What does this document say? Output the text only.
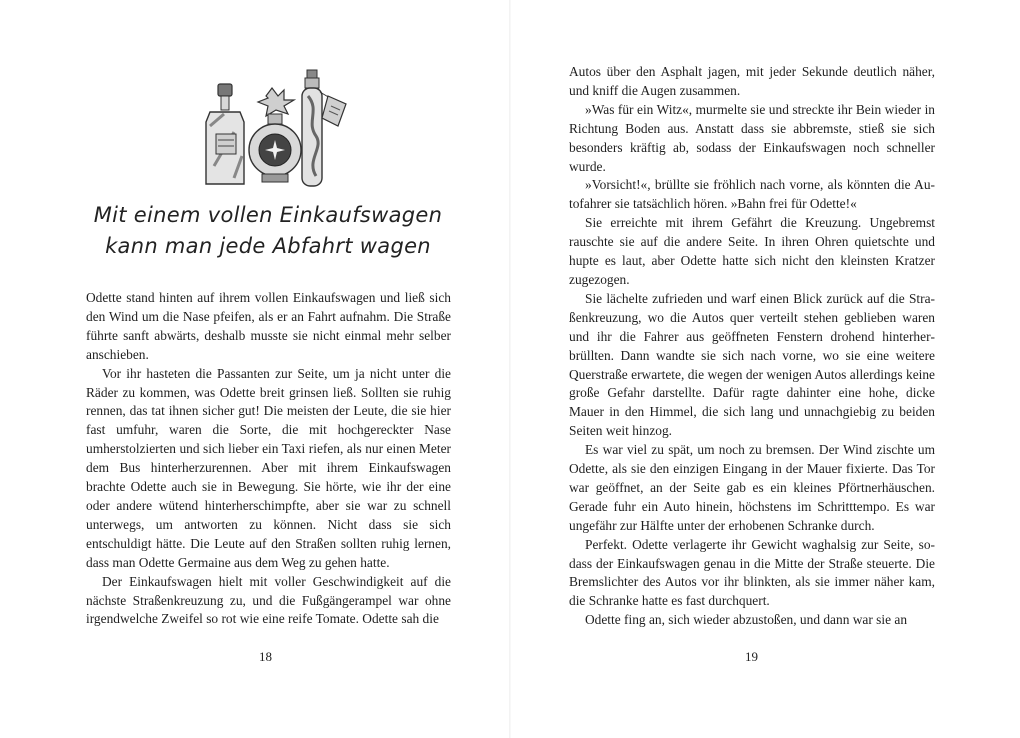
Mit einem vollen Einkaufswagen
kann man jede Abfahrt wagen

Odette stand hinten auf ihrem vollen Einkaufswagen und ließ sich den Wind um die Nase pfeifen, als er an Fahrt aufnahm. Die Straße führte sanft abwärts, deshalb musste sie nicht einmal mehr selber anschieben.

Vor ihr hasteten die Passanten zur Seite, um ja nicht unter die Räder zu kommen, was Odette breit grinsen ließ. Sollten sie ruhig rennen, das tat ihnen sicher gut! Die meisten der Leute, die sie hier fast umfuhr, waren die Sorte, die mit hochgereckter Nase umherstolzierten und sich lieber ein Taxi riefen, als nur einen Meter dem Bus hinterherzurennen. Aber mit ihrem Einkaufswagen brachte Odette auch sie in Bewegung. Sie hörte, wie ihr der eine oder andere wütend hinterherschimpfte, aber sie war zu schnell unterwegs, um antworten zu können. Nicht dass sie sich entschuldigt hätte. Die Leute auf den Straßen sollten ruhig lernen, dass man Odette Germaine aus dem Weg zu gehen hatte.

Der Einkaufswagen hielt mit voller Geschwindigkeit auf die nächste Straßenkreuzung zu, und die Fußgängerampel war ohne irgendwelche Zweifel so rot wie eine reife Tomate. Odette sah die

18

Autos über den Asphalt jagen, mit jeder Sekunde deutlich näher, und kniff die Augen zusammen.

»Was für ein Witz«, murmelte sie und streckte ihr Bein wieder in Richtung Boden aus. Anstatt dass sie abbremste, stieß sie sich besonders kräftig ab, sodass der Einkaufswagen noch schneller wurde.

»Vorsicht!«, brüllte sie fröhlich nach vorne, als könnten die Autofahrer sie tatsächlich hören. »Bahn frei für Odette!«

Sie erreichte mit ihrem Gefährt die Kreuzung. Ungebremst rauschte sie auf die andere Seite. In ihren Ohren quietschte und hupte es laut, aber Odette hatte sich nicht den kleinsten Kratzer zugezogen.

Sie lächelte zufrieden und warf einen Blick zurück auf die Straßenkreuzung, wo die Autos quer verteilt stehen geblieben waren und ihr die Fahrer aus geöffneten Fenstern drohend hinterherbrüllten. Dann wandte sie sich nach vorne, wo sie eine weitere Querstraße erwartete, die wegen der wenigen Autos allerdings keine große Gefahr darstellte. Dafür ragte dahinter eine hohe, dicke Mauer in den Himmel, die sich lang und unnachgiebig zu beiden Seiten weit hinzog.

Es war viel zu spät, um noch zu bremsen. Der Wind zischte um Odette, als sie den einzigen Eingang in der Mauer fixierte. Das Tor war geöffnet, an der Seite gab es ein kleines Pförtnerhäuschen. Gerade fuhr ein Auto hinein, höchstens im Schritttempo. Es war ungefähr zur Hälfte unter der erhobenen Schranke durch.

Perfekt. Odette verlagerte ihr Gewicht waghalsig zur Seite, sodass der Einkaufswagen genau in die Mitte der Straße steuerte. Die Bremslichter des Autos vor ihr blinkten, als sie immer näher kam, die Schranke hatte es fast durchquert.

Odette fing an, sich wieder abzustoßen, und dann war sie an

19
